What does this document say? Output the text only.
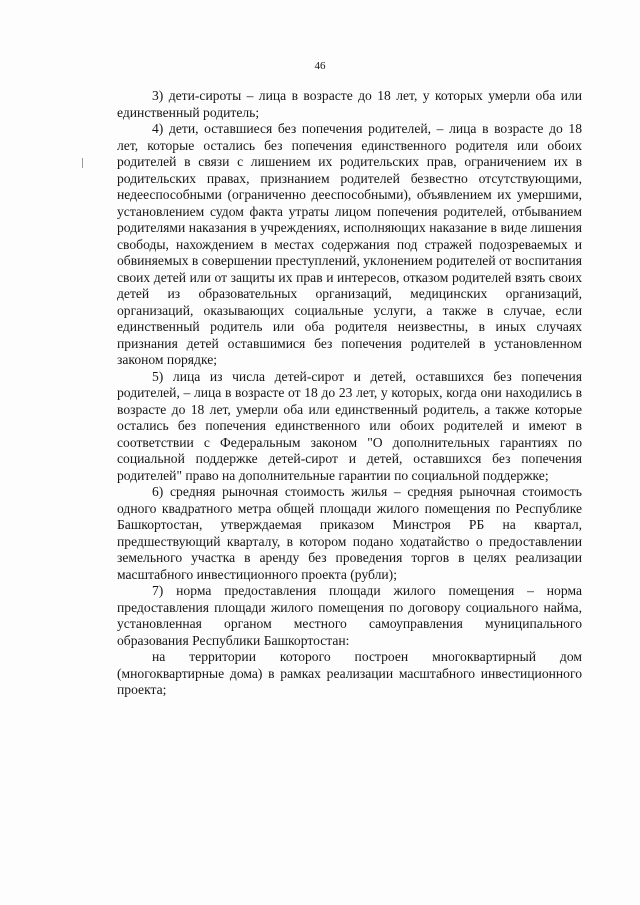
46

3) дети-сироты – лица в возрасте до 18 лет, у которых умерли оба или единственный родитель;

4) дети, оставшиеся без попечения родителей, – лица в возрасте до 18 лет, которые остались без попечения единственного родителя или обоих родителей в связи с лишением их родительских прав, ограничением их в родительских правах, признанием родителей безвестно отсутствующими, недееспособными (ограниченно дееспособными), объявлением их умершими, установлением судом факта утраты лицом попечения родителей, отбыванием родителями наказания в учреждениях, исполняющих наказание в виде лишения свободы, нахождением в местах содержания под стражей подозреваемых и обвиняемых в совершении преступлений, уклонением родителей от воспитания своих детей или от защиты их прав и интересов, отказом родителей взять своих детей из образовательных организаций, медицинских организаций, организаций, оказывающих социальные услуги, а также в случае, если единственный родитель или оба родителя неизвестны, в иных случаях признания детей оставшимися без попечения родителей в установленном законом порядке;

5) лица из числа детей-сирот и детей, оставшихся без попечения родителей, – лица в возрасте от 18 до 23 лет, у которых, когда они находились в возрасте до 18 лет, умерли оба или единственный родитель, а также которые остались без попечения единственного или обоих родителей и имеют в соответствии с Федеральным законом "О дополнительных гарантиях по социальной поддержке детей-сирот и детей, оставшихся без попечения родителей" право на дополнительные гарантии по социальной поддержке;

6) средняя рыночная стоимость жилья – средняя рыночная стоимость одного квадратного метра общей площади жилого помещения по Республике Башкортостан, утверждаемая приказом Минстроя РБ на квартал, предшествующий кварталу, в котором подано ходатайство о предоставлении земельного участка в аренду без проведения торгов в целях реализации масштабного инвестиционного проекта (рубли);

7) норма предоставления площади жилого помещения – норма предоставления площади жилого помещения по договору социального найма, установленная органом местного самоуправления муниципального образования Республики Башкортостан:

на территории которого построен многоквартирный дом (многоквартирные дома) в рамках реализации масштабного инвестиционного проекта;
